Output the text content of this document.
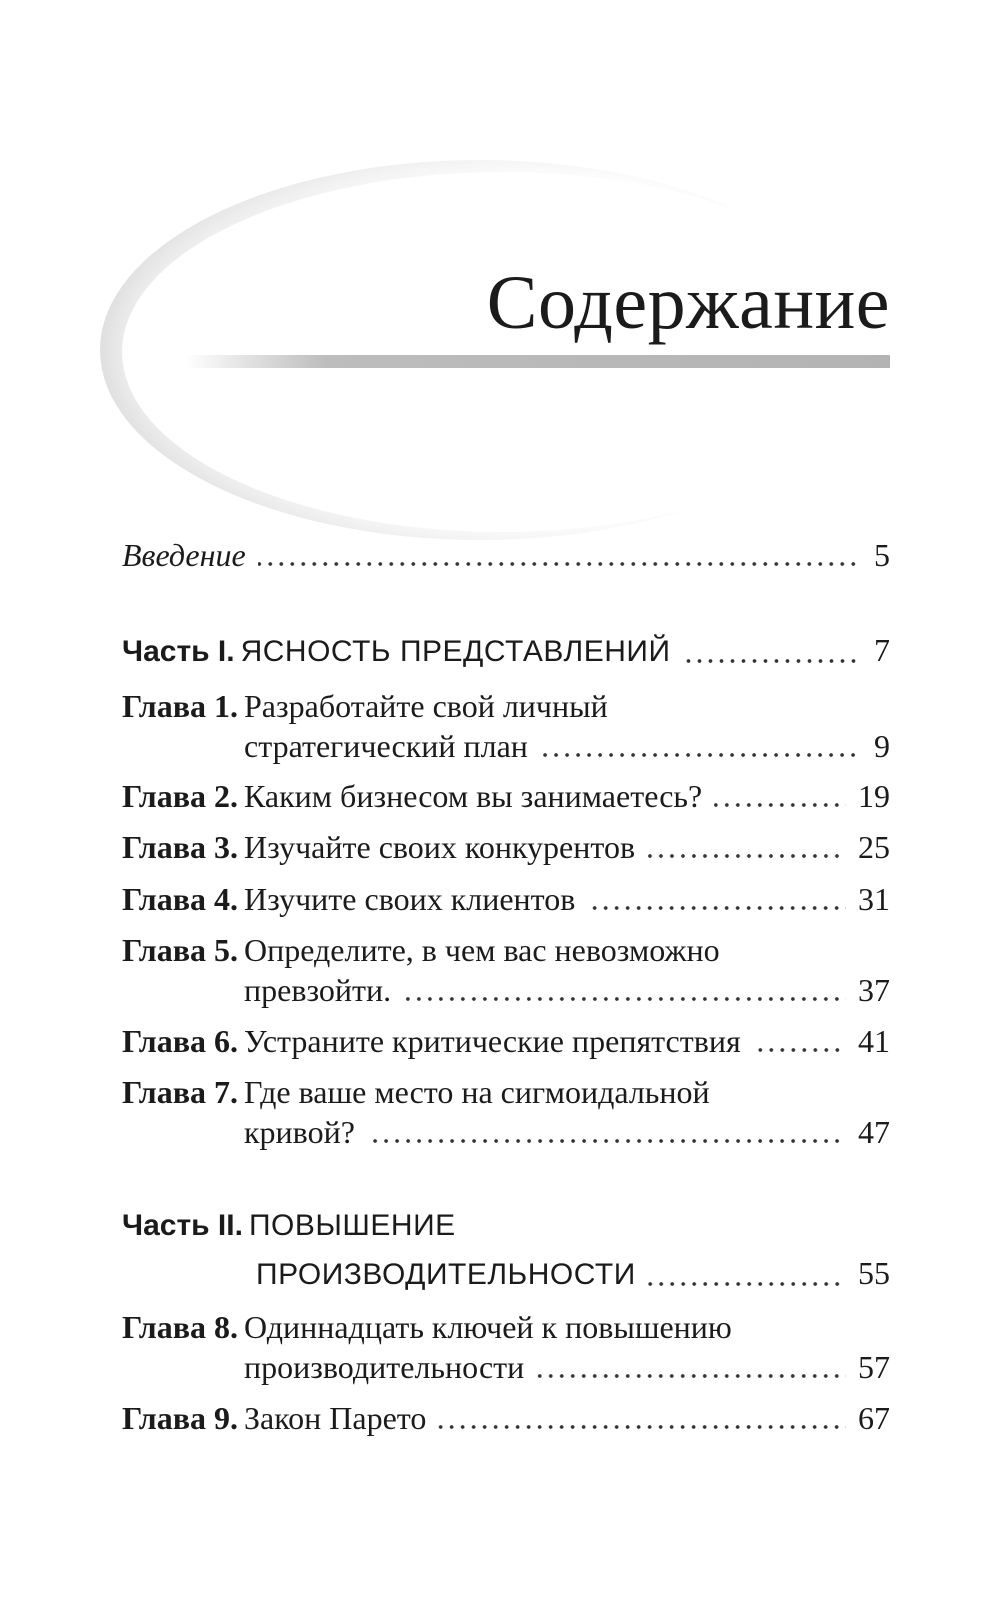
Содержание
Введение	5
Часть I. ЯСНОСТЬ ПРЕДСТАВЛЕНИЙ	7
Глава 1. Разработайте свой личный
стратегический план	9
Глава 2. Каким бизнесом вы занимаетесь?	19
Глава 3. Изучайте своих конкурентов	25
Глава 4. Изучите своих клиентов	31
Глава 5. Определите, в чем вас невозможно
превзойти.	37
Глава 6. Устраните критические препятствия	41
Глава 7. Где ваше место на сигмоидальной
кривой?	47
Часть II. ПОВЫШЕНИЕ
ПРОИЗВОДИТЕЛЬНОСТИ	55
Глава 8. Одиннадцать ключей к повышению
производительности	57
Глава 9. Закон Парето	67
